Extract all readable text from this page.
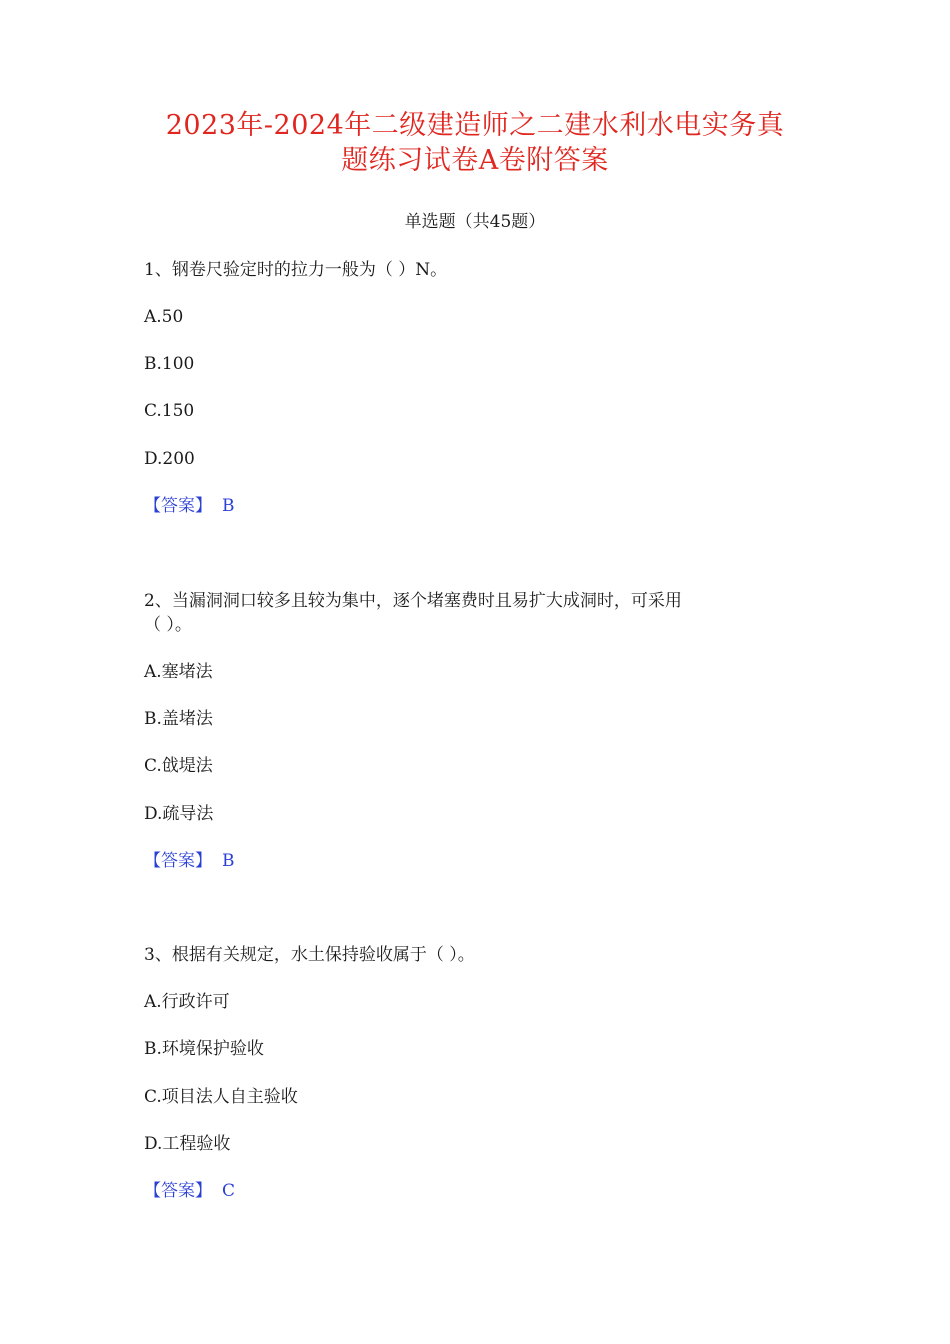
2023年-2024年二级建造师之二建水利水电实务真
题练习试卷A卷附答案
单选题（共45题）
1、钢卷尺验定时的拉力一般为（ ）N。
A.50
B.100
C.150
D.200
【答案】 B
2、当漏洞洞口较多且较为集中，逐个堵塞费时且易扩大成洞时，可采用
（ ）。
A.塞堵法
B.盖堵法
C.戗堤法
D.疏导法
【答案】 B
3、根据有关规定，水土保持验收属于（ ）。
A.行政许可
B.环境保护验收
C.项目法人自主验收
D.工程验收
【答案】 C
